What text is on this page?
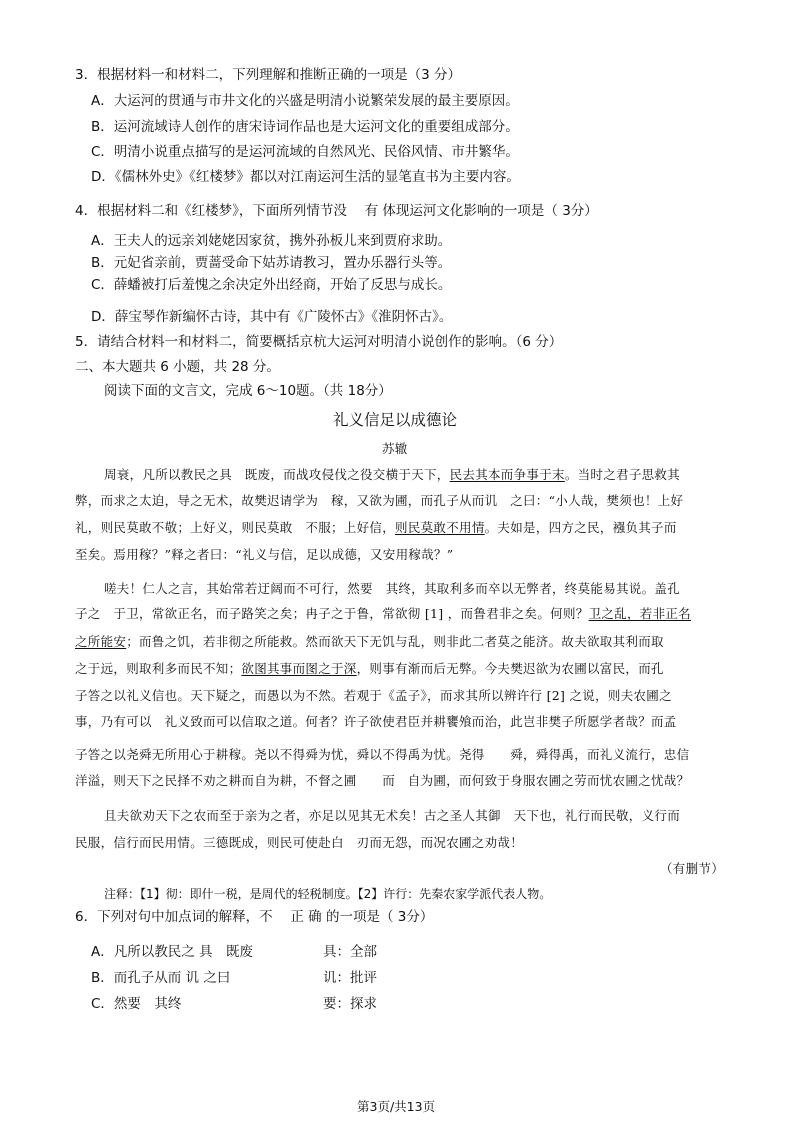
3．根据材料一和材料二，下列理解和推断正确的一项是（3 分）
A．大运河的贯通与市井文化的兴盛是明清小说繁荣发展的最主要原因。
B．运河流域诗人创作的唐宋诗词作品也是大运河文化的重要组成部分。
C．明清小说重点描写的是运河流域的自然风光、民俗风情、市井繁华。
D．《儒林外史》《红楼梦》都以对江南运河生活的显笔直书为主要内容。
4．根据材料二和《红楼梦》，下面所列情节没　 有 体现运河文化影响的一项是（ 3分）
A．王夫人的远亲刘姥姥因家贫，携外孙板儿来到贾府求助。
B．元妃省亲前，贾蔷受命下姑苏请教习，置办乐器行头等。
C．薛蟠被打后羞愧之余决定外出经商，开始了反思与成长。
D．薛宝琴作新编怀古诗，其中有《广陵怀古》《淮阴怀古》。
5．请结合材料一和材料二，简要概括京杭大运河对明清小说创作的影响。（6 分）
二、本大题共 6 小题，共 28 分。
阅读下面的文言文，完成 6～10题。（共 18分）
礼义信足以成德论
苏辙
周衰，凡所以教民之具　既废，而战攻侵伐之役交横于天下，民去其本而争事于末。当时之君子思救其
弊，而求之太迫，导之无术，故樊迟请学为　稼，又欲为圃，而孔子从而讥　之曰：“小人哉，樊须也！上好
礼，则民莫敢不敬；上好义，则民莫敢　不服；上好信，则民莫敢不用情。夫如是，四方之民，襁负其子而
至矣。焉用稼？”释之者曰：“礼义与信，足以成德，又安用稼哉？”
嗟夫！仁人之言，其始常若迂阔而不可行，然要　其终，其取利多而卒以无弊者，终莫能易其说。盖孔
子之　于卫，常欲正名，而子路笑之矣；冉子之于鲁，常欲彻 [1] ，而鲁君非之矣。何则？卫之乱，若非正名
之所能安；而鲁之饥，若非彻之所能救。然而欲天下无饥与乱，则非此二者莫之能济。故夫欲取其利而取
之于远，则取利多而民不知；欲图其事而图之于深，则事有渐而后无弊。今夫樊迟欲为农圃以富民，而孔
子答之以礼义信也。天下疑之，而愚以为不然。若观于《孟子》，而求其所以辨许行 [2] 之说，则夫农圃之
事，乃有可以　礼义致而可以信取之道。何者？许子欲使君臣并耕饔飧而治，此岂非樊子所愿学者哉？而孟
子答之以尧舜无所用心于耕稼。尧以不得舜为忧，舜以不得禹为忧。尧得　　舜，舜得禹，而礼义流行，忠信
洋溢，则天下之民择不劝之耕而自为耕，不督之圃　　而　自为圃，而何致于身服农圃之劳而忧农圃之忧哉？
且夫欲劝天下之农而至于亲为之者，亦足以见其无术矣！古之圣人其御　天下也，礼行而民敬，义行而
民服，信行而民用情。三德既成，则民可使赴白　刃而无怨，而况农圃之劝哉！
（有删节）
注释：【1】彻：即什一税，是周代的轻税制度。【2】许行：先秦农家学派代表人物。
6．下列对句中加点词的解释，不　 正 确 的一项是（ 3分）
A．凡所以教民之 具　既废	具：全部
B．而孔子从而 讥 之曰	讥：批评
C．然要　其终	要：探求
第3页/共13页
